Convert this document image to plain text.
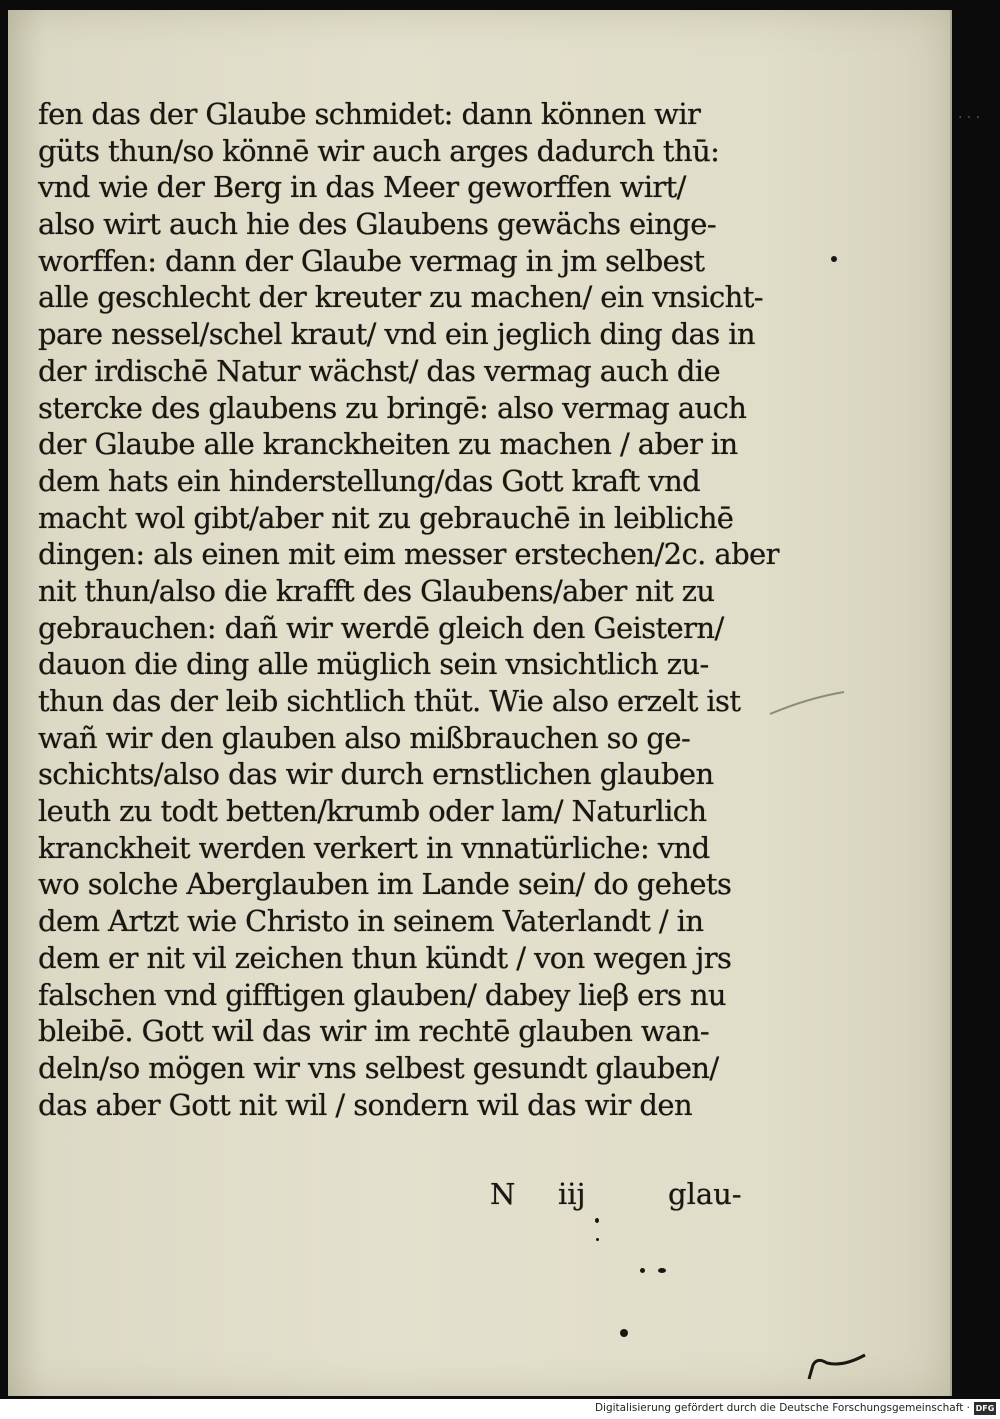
· · ·
fen das der Glaube schmidet: dann können wir
güts thun/so könnē wir auch arges dadurch thū:
vnd wie der Berg in das Meer geworffen wirt/
also wirt auch hie des Glaubens gewächs einge-
worffen: dann der Glaube vermag in jm selbest
alle geschlecht der kreuter zu machen/ ein vnsicht-
pare nessel/schel kraut/ vnd ein jeglich ding das in
der irdischē Natur wächst/ das vermag auch die
stercke des glaubens zu bringē: also vermag auch
der Glaube alle kranckheiten zu machen / aber in
dem hats ein hinderstellung/das Gott kraft vnd
macht wol gibt/aber nit zu gebrauchē in leiblichē
dingen: als einen mit eim messer erstechen/2c. aber
nit thun/also die krafft des Glaubens/aber nit zu
gebrauchen: dañ wir werdē gleich den Geistern/
dauon die ding alle müglich sein vnsichtlich zu-
thun das der leib sichtlich thüt. Wie also erzelt ist
wañ wir den glauben also mißbrauchen so ge-
schichts/also das wir durch ernstlichen glauben
leuth zu todt betten/krumb oder lam/ Naturlich
kranckheit werden verkert in vnnatürliche: vnd
wo solche Aberglauben im Lande sein/ do gehets
dem Artzt wie Christo in seinem Vaterlandt / in
dem er nit vil zeichen thun kündt / von wegen jrs
falschen vnd gifftigen glauben/ dabey lieβ ers nu
bleibē. Gott wil das wir im rechtē glauben wan-
deln/so mögen wir vns selbest gesundt glauben/
das aber Gott nit wil / sondern wil das wir den
N iij	glau-
Digitalisierung gefördert durch die Deutsche Forschungsgemeinschaft · DFG
